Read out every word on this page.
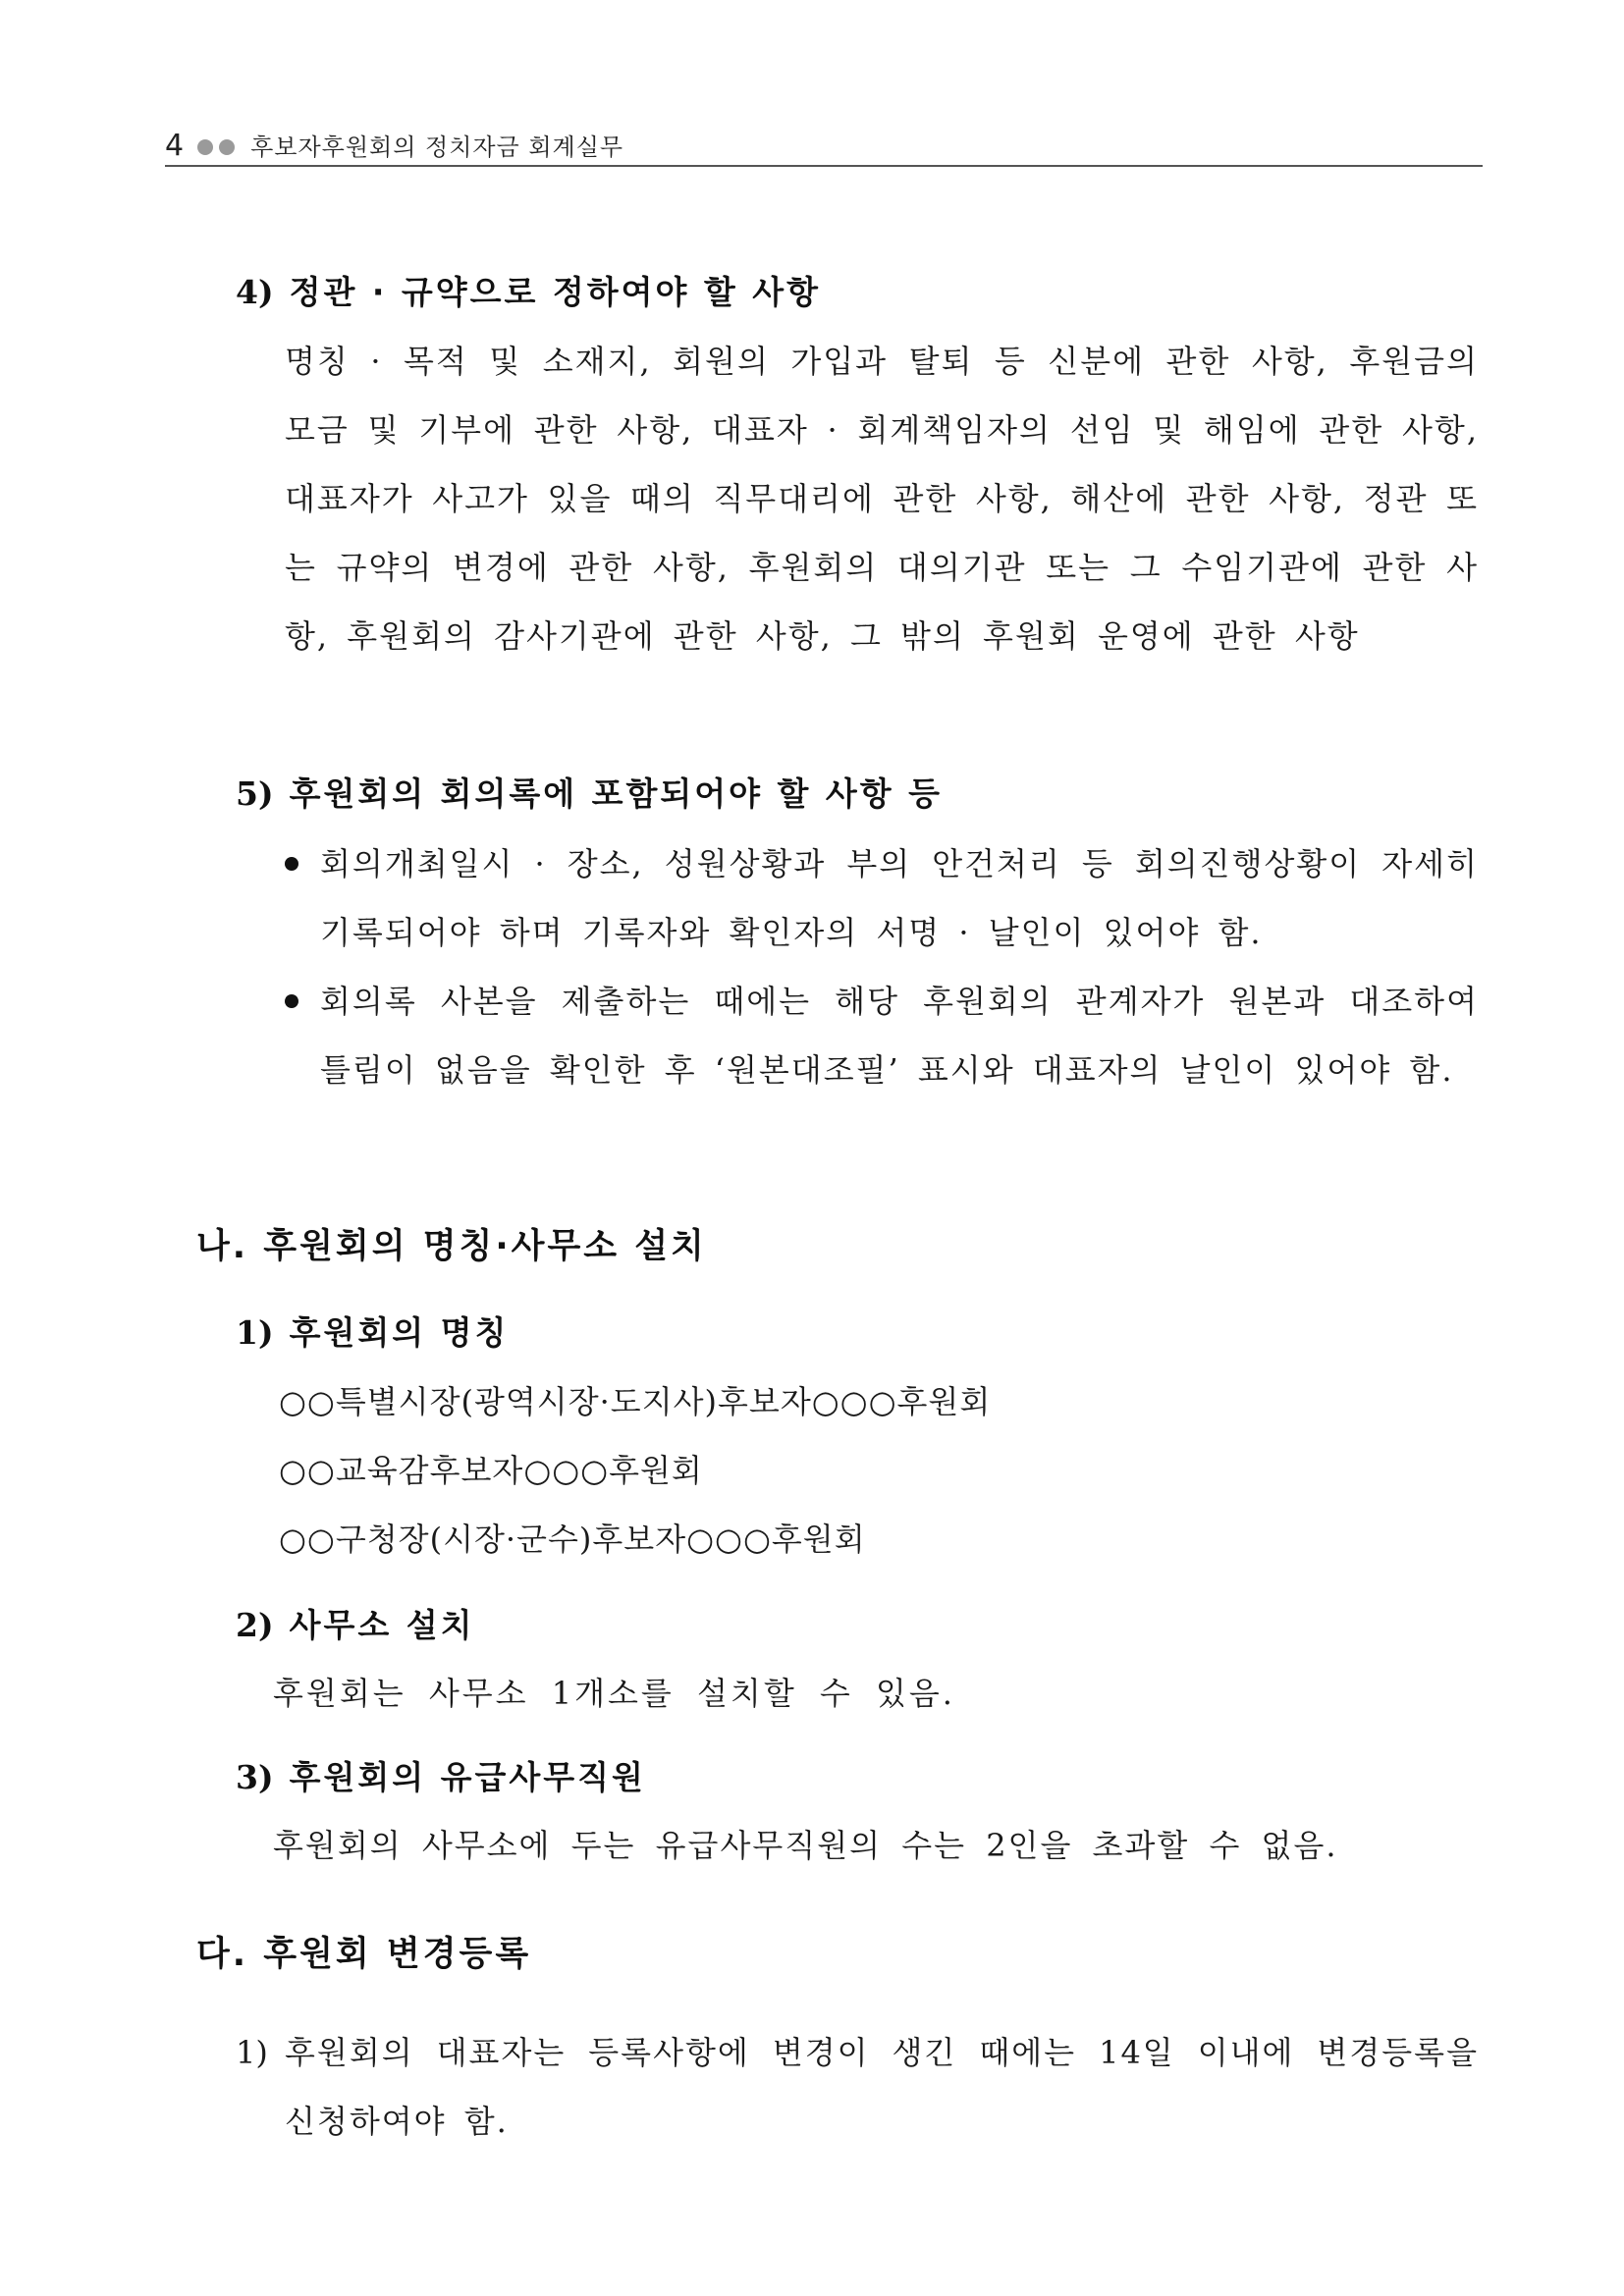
4	후보자후원회의 정치자금 회계실무
4) 정관 · 규약으로 정하여야 할 사항
명칭 · 목적 및 소재지, 회원의 가입과 탈퇴 등 신분에 관한 사항, 후원금의 모금 및 기부에 관한 사항, 대표자 · 회계책임자의 선임 및 해임에 관한 사항, 대표자가 사고가 있을 때의 직무대리에 관한 사항, 해산에 관한 사항, 정관 또는 규약의 변경에 관한 사항, 후원회의 대의기관 또는 그 수임기관에 관한 사항, 후원회의 감사기관에 관한 사항, 그 밖의 후원회 운영에 관한 사항
5) 후원회의 회의록에 포함되어야 할 사항 등
회의개최일시 · 장소, 성원상황과 부의 안건처리 등 회의진행상황이 자세히 기록되어야 하며 기록자와 확인자의 서명 · 날인이 있어야 함.
회의록 사본을 제출하는 때에는 해당 후원회의 관계자가 원본과 대조하여 틀림이 없음을 확인한 후 ‘원본대조필’ 표시와 대표자의 날인이 있어야 함.
나. 후원회의 명칭·사무소 설치
1) 후원회의 명칭
○○특별시장(광역시장·도지사)후보자○○○후원회
○○교육감후보자○○○후원회
○○구청장(시장·군수)후보자○○○후원회
2) 사무소 설치
후원회는 사무소 1개소를 설치할 수 있음.
3) 후원회의 유급사무직원
후원회의 사무소에 두는 유급사무직원의 수는 2인을 초과할 수 없음.
다. 후원회 변경등록
1) 후원회의 대표자는 등록사항에 변경이 생긴 때에는 14일 이내에 변경등록을 신청하여야 함.
